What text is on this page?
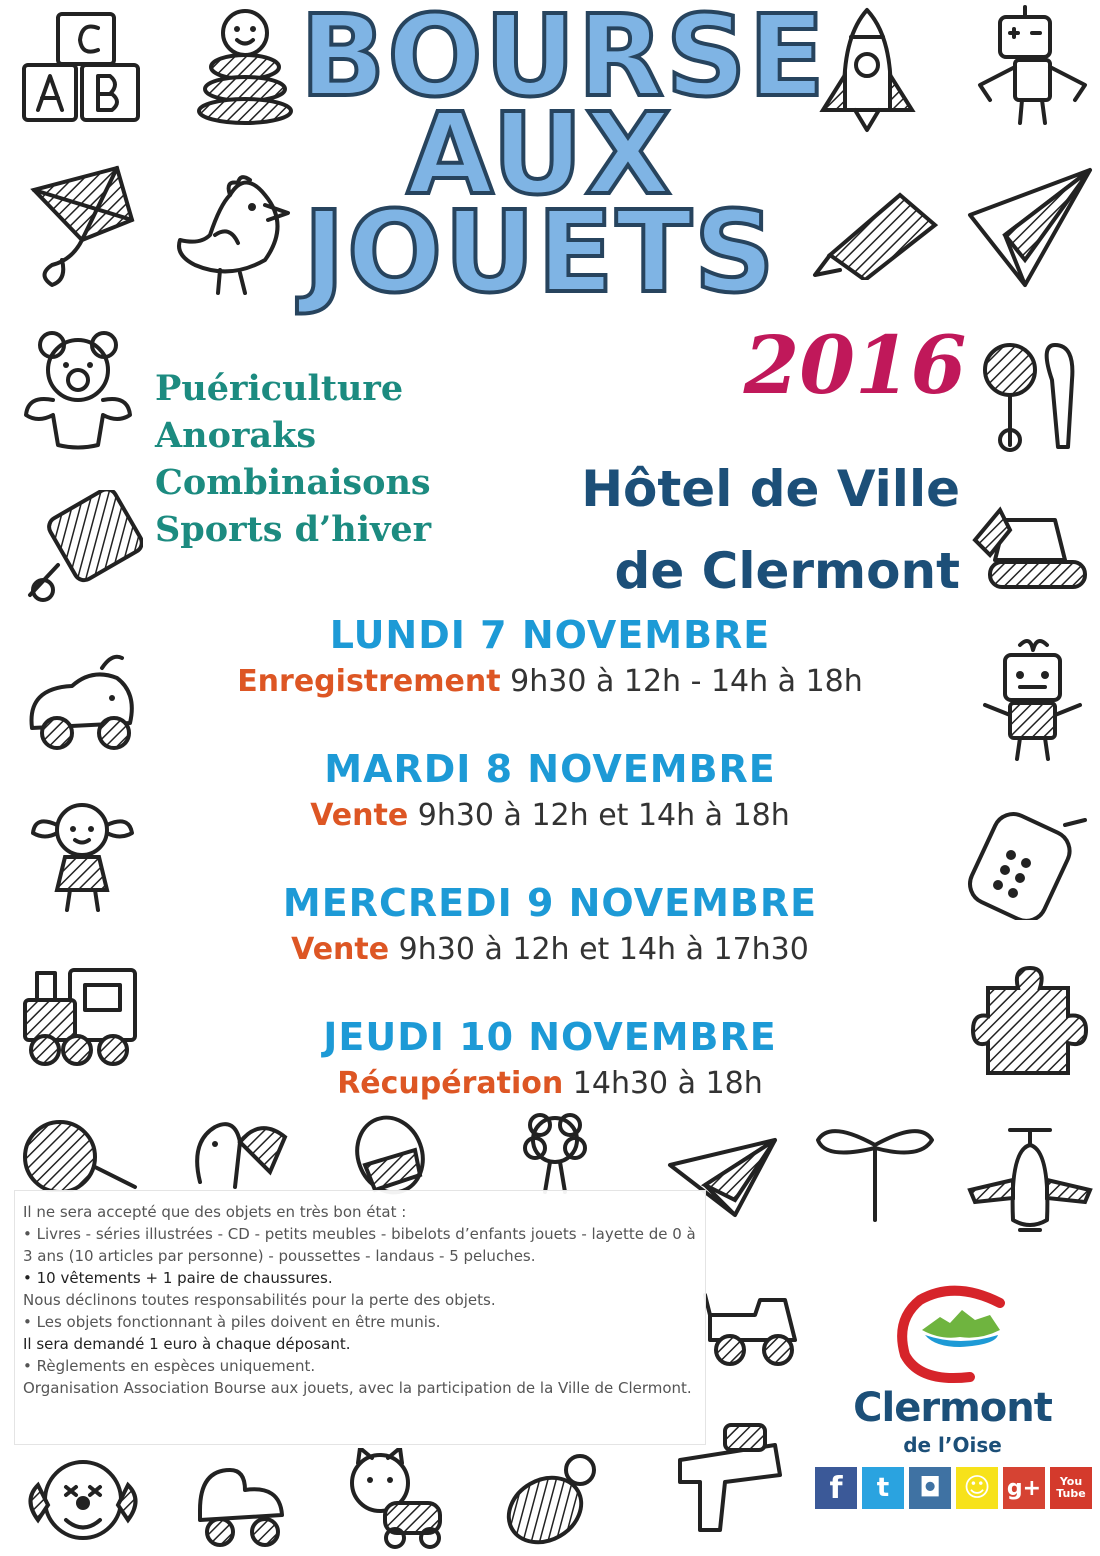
BOURSE
AUX
JOUETS
2016
Puériculture
Anoraks
Combinaisons
Sports d’hiver
Hôtel de Ville
de Clermont
LUNDI 7 NOVEMBRE
Enregistrement 9h30 à 12h - 14h à 18h
MARDI 8 NOVEMBRE
Vente 9h30 à 12h et 14h à 18h
MERCREDI 9 NOVEMBRE
Vente 9h30 à 12h et 14h à 17h30
JEUDI 10 NOVEMBRE
Récupération 14h30 à 18h
Il ne sera accepté que des objets en très bon état :
• Livres - séries illustrées - CD - petits meubles - bibelots d’enfants jouets - layette de 0 à 3 ans (10 articles par personne) - poussettes - landaus - 5 peluches.
• 10 vêtements + 1 paire de chaussures.
Nous déclinons toutes responsabilités pour la perte des objets.
• Les objets fonctionnant à piles doivent en être munis.
Il sera demandé 1 euro à chaque déposant.
• Règlements en espèces uniquement.
Organisation Association Bourse aux jouets, avec la participation de la Ville de Clermont.	Clermont
de l’Oise
f	t	◘ ☺ g+	You Tube
